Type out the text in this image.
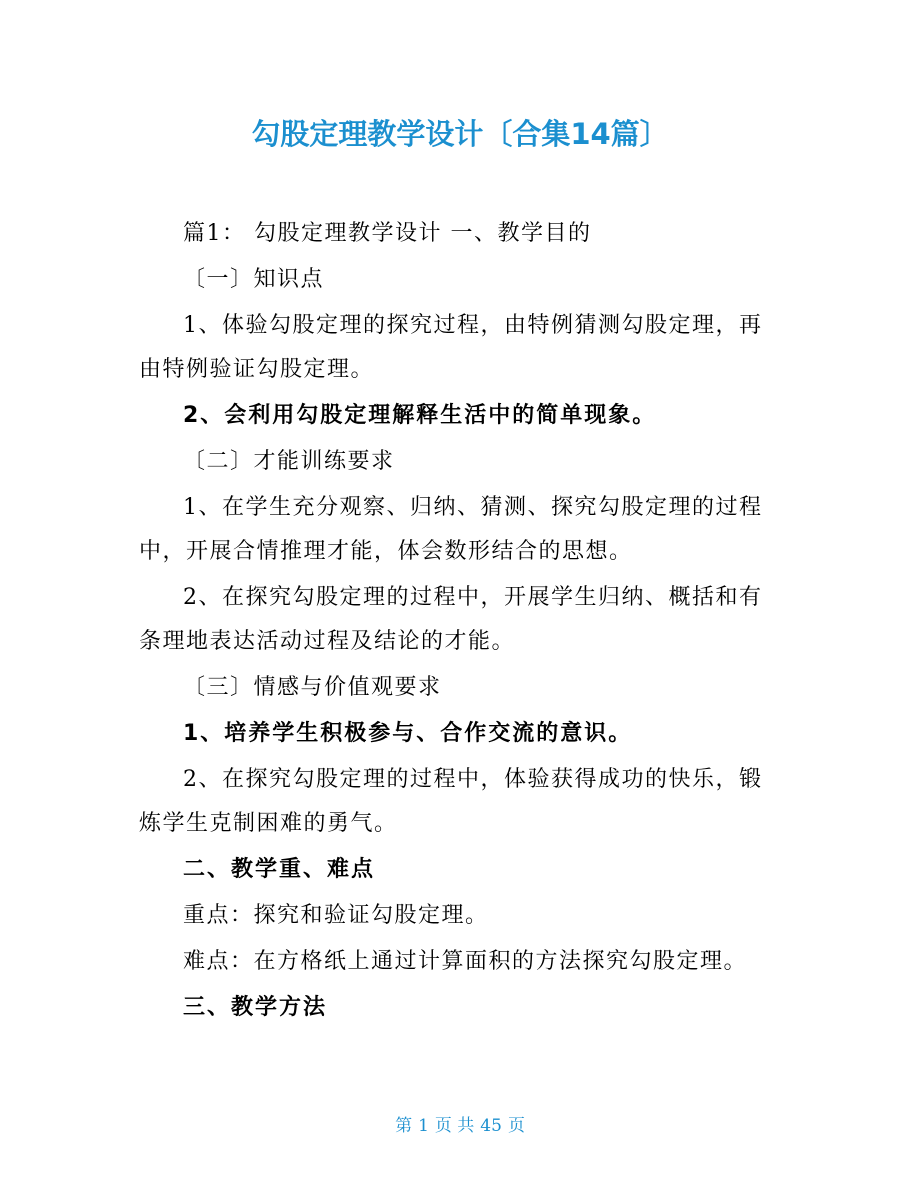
勾股定理教学设计〔合集14篇〕

篇1： 勾股定理教学设计 一、教学目的

〔一〕知识点

1、体验勾股定理的探究过程，由特例猜测勾股定理，再由特例验证勾股定理。

2、会利用勾股定理解释生活中的简单现象。

〔二〕才能训练要求

1、在学生充分观察、归纳、猜测、探究勾股定理的过程中，开展合情推理才能，体会数形结合的思想。

2、在探究勾股定理的过程中，开展学生归纳、概括和有条理地表达活动过程及结论的才能。

〔三〕情感与价值观要求

1、培养学生积极参与、合作交流的意识。

2、在探究勾股定理的过程中，体验获得成功的快乐，锻炼学生克制困难的勇气。

二、教学重、难点

重点：探究和验证勾股定理。

难点：在方格纸上通过计算面积的方法探究勾股定理。

三、教学方法

第 1 页 共 45 页
